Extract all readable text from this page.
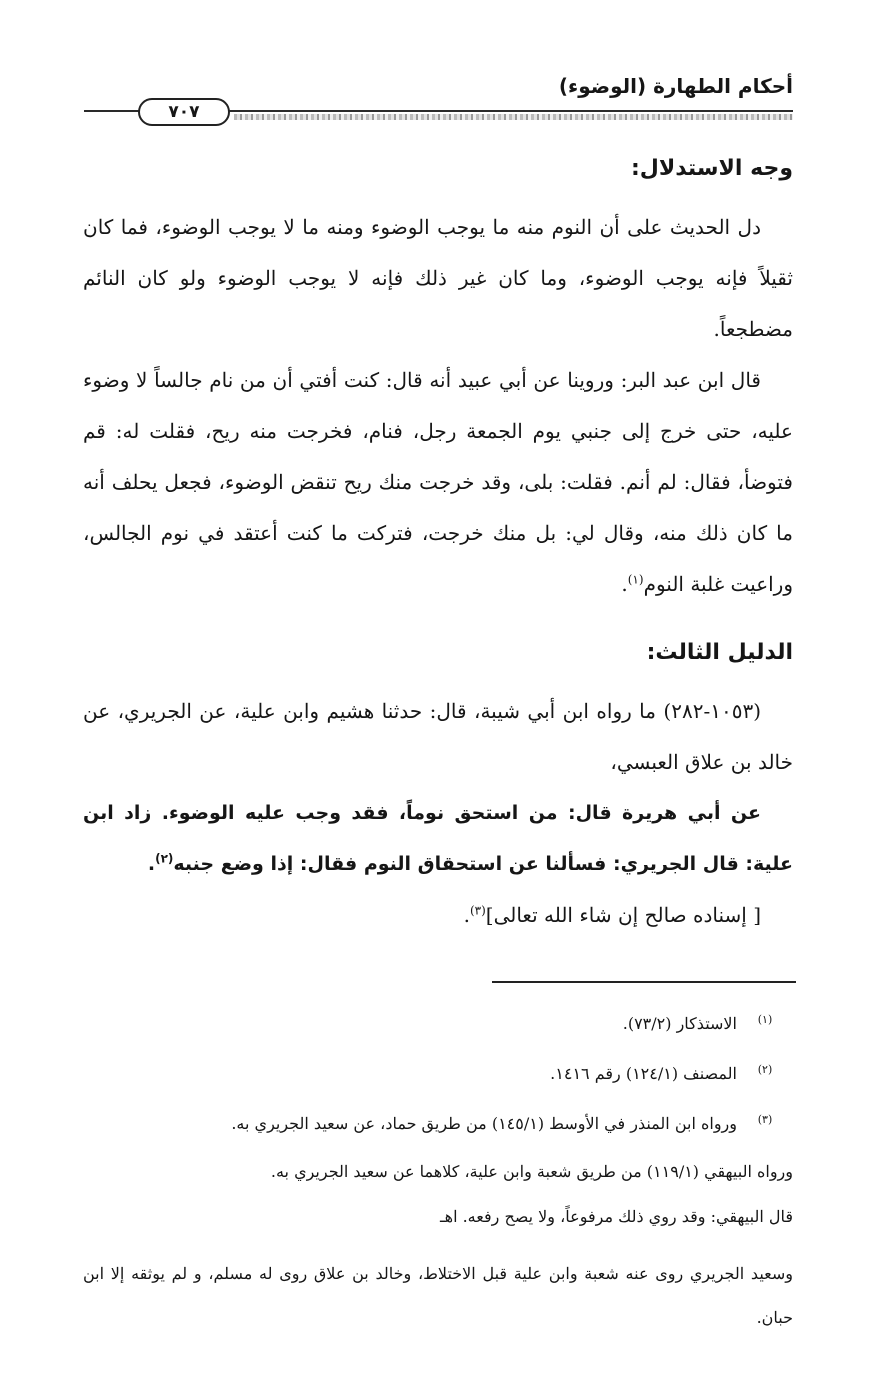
أحكام الطهارة (الوضوء)
٧٠٧
وجه الاستدلال:
دل الحديث على أن النوم منه ما يوجب الوضوء ومنه ما لا يوجب الوضوء، فما كان ثقيلاً فإنه يوجب الوضوء، وما كان غير ذلك فإنه لا يوجب الوضوء ولو كان النائم مضطجعاً.
قال ابن عبد البر: وروينا عن أبي عبيد أنه قال: كنت أفتي أن من نام جالساً لا وضوء عليه، حتى خرج إلى جنبي يوم الجمعة رجل، فنام، فخرجت منه ريح، فقلت له: قم فتوضأ، فقال: لم أنم. فقلت: بلى، وقد خرجت منك ريح تنقض الوضوء، فجعل يحلف أنه ما كان ذلك منه، وقال لي: بل منك خرجت، فتركت ما كنت أعتقد في نوم الجالس، وراعيت غلبة النوم$^{(١)}$.
الدليل الثالث:
(١٠٥٣-٢٨٢) ما رواه ابن أبي شيبة، قال: حدثنا هشيم وابن علية، عن الجريري، عن خالد بن علاق العبسي،
عن أبي هريرة قال: من استحق نوماً، فقد وجب عليه الوضوء. زاد ابن علية: قال الجريري: فسألنا عن استحقاق النوم فقال: إذا وضع جنبه$^{(٢)}$.
[ إسناده صالح إن شاء الله تعالى]$^{(٣)}$.
(١)الاستذكار (٧٣/٢).
(٢)المصنف (١٢٤/١) رقم ١٤١٦.
(٣)ورواه ابن المنذر في الأوسط (١٤٥/١) من طريق حماد، عن سعيد الجريري به.
ورواه البيهقي (١١٩/١) من طريق شعبة وابن علية، كلاهما عن سعيد الجريري به.
قال البيهقي: وقد روي ذلك مرفوعاً، ولا يصح رفعه. اهـ
وسعيد الجريري روى عنه شعبة وابن علية قبل الاختلاط، وخالد بن علاق روى له مسلم، و لم يوثقه إلا ابن حبان.
